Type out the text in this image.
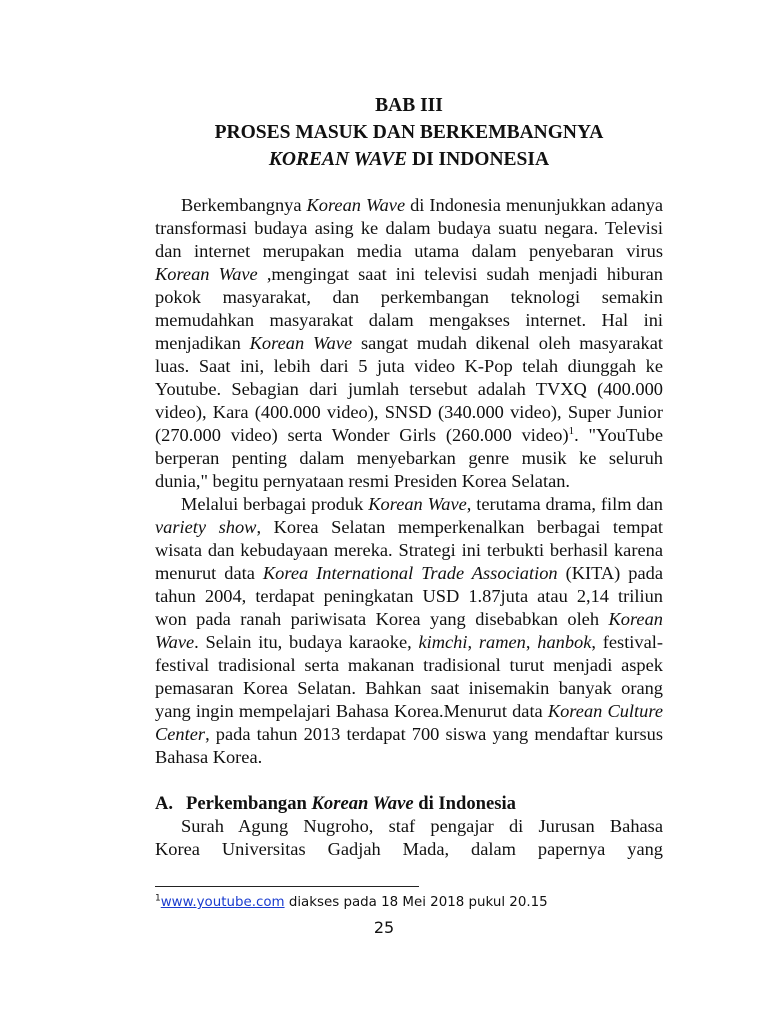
BAB III
PROSES MASUK DAN BERKEMBANGNYA
KOREAN WAVE DI INDONESIA

Berkembangnya Korean Wave di Indonesia menunjukkan adanya transformasi budaya asing ke dalam budaya suatu negara. Televisi dan internet merupakan media utama dalam penyebaran virus Korean Wave ,mengingat saat ini televisi sudah menjadi hiburan pokok masyarakat, dan perkembangan teknologi semakin memudahkan masyarakat dalam mengakses internet. Hal ini menjadikan Korean Wave sangat mudah dikenal oleh masyarakat luas. Saat ini, lebih dari 5 juta video K-Pop telah diunggah ke Youtube. Sebagian dari jumlah tersebut adalah TVXQ (400.000 video), Kara (400.000 video), SNSD (340.000 video), Super Junior (270.000 video) serta Wonder Girls (260.000 video)$^1$. "YouTube berperan penting dalam menyebarkan genre musik ke seluruh dunia," begitu pernyataan resmi Presiden Korea Selatan.

Melalui berbagai produk Korean Wave, terutama drama, film dan variety show, Korea Selatan memperkenalkan berbagai tempat wisata dan kebudayaan mereka. Strategi ini terbukti berhasil karena menurut data Korea International Trade Association (KITA) pada tahun 2004, terdapat peningkatan USD 1.87juta atau 2,14 triliun won pada ranah pariwisata Korea yang disebabkan oleh Korean Wave. Selain itu, budaya karaoke, kimchi, ramen, hanbok, festival-festival tradisional serta makanan tradisional turut menjadi aspek pemasaran Korea Selatan. Bahkan saat inisemakin banyak orang yang ingin mempelajari Bahasa Korea.Menurut data Korean Culture Center, pada tahun 2013 terdapat 700 siswa yang mendaftar kursus Bahasa Korea.

A. Perkembangan Korean Wave di Indonesia

Surah Agung Nugroho, staf pengajar di Jurusan Bahasa

Korea Universitas Gadjah Mada, dalam papernya yang

$^1$www.youtube.com diakses pada 18 Mei 2018 pukul 20.15
25
